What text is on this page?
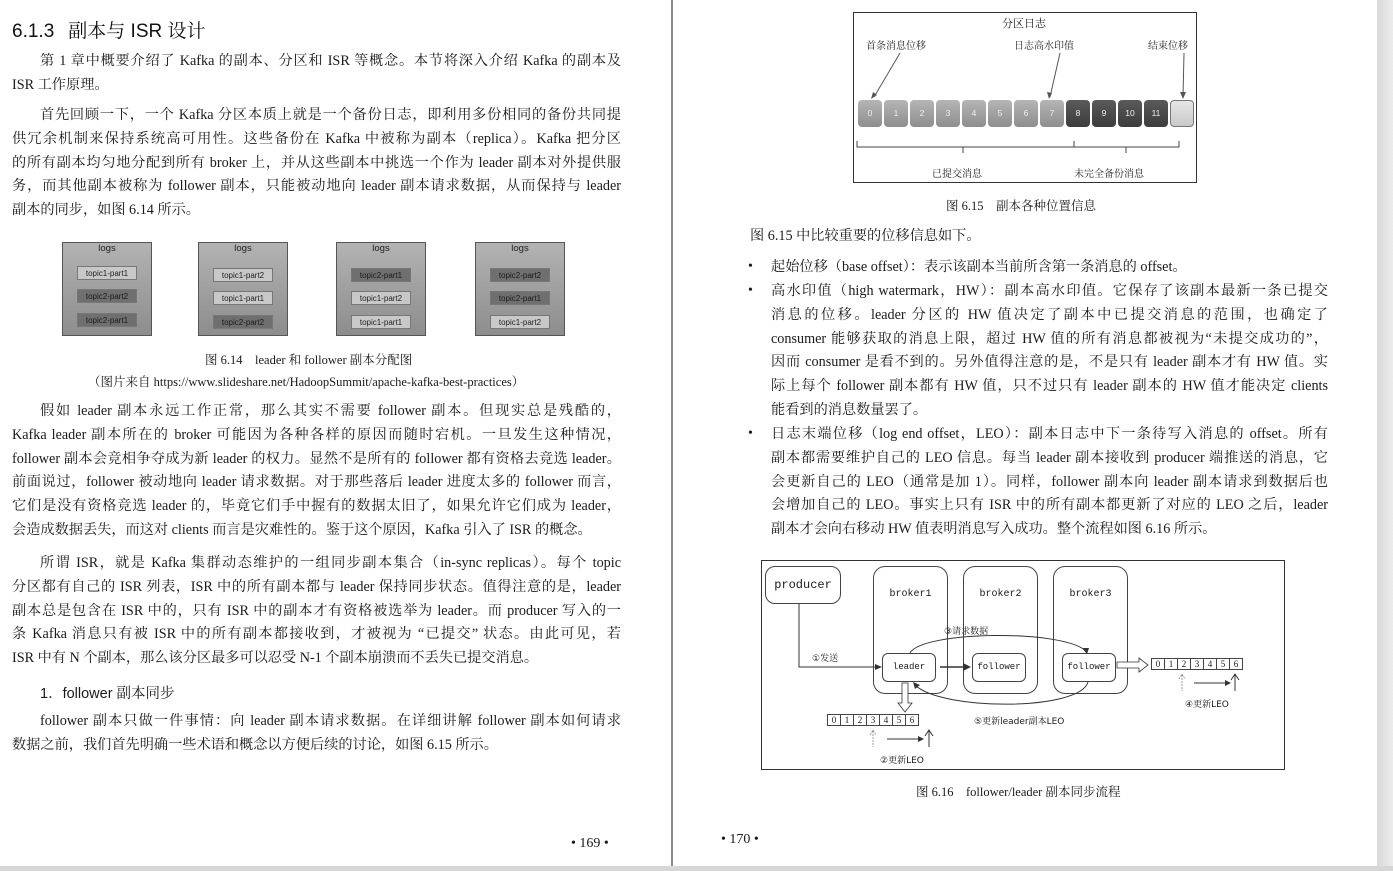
6.1.3 副本与 ISR 设计
第 1 章中概要介绍了 Kafka 的副本、分区和 ISR 等概念。本节将深入介绍 Kafka 的副本及
ISR 工作原理。
首先回顾一下，一个 Kafka 分区本质上就是一个备份日志，即利用多份相同的备份共同提
供冗余机制来保持系统高可用性。这些备份在 Kafka 中被称为副本（replica）。Kafka 把分区
的所有副本均匀地分配到所有 broker 上，并从这些副本中挑选一个作为 leader 副本对外提供服
务，而其他副本被称为 follower 副本，只能被动地向 leader 副本请求数据，从而保持与 leader
副本的同步，如图 6.14 所示。
logs
topic1-part1
topic2-part2
topic2-part1
logs
topic1-part2
topic1-part1
topic2-part2
logs
topic2-part1
topic1-part2
topic1-part1
logs
topic2-part2
topic2-part1
topic1-part2
图 6.14　leader 和 follower 副本分配图
（图片来自 https://www.slideshare.net/HadoopSummit/apache-kafka-best-practices）
假如 leader 副本永远工作正常，那么其实不需要 follower 副本。但现实总是残酷的，
Kafka leader 副本所在的 broker 可能因为各种各样的原因而随时宕机。一旦发生这种情况，
follower 副本会竞相争夺成为新 leader 的权力。显然不是所有的 follower 都有资格去竞选 leader。
前面说过，follower 被动地向 leader 请求数据。对于那些落后 leader 进度太多的 follower 而言，
它们是没有资格竞选 leader 的，毕竟它们手中握有的数据太旧了，如果允许它们成为 leader，
会造成数据丢失，而这对 clients 而言是灾难性的。鉴于这个原因，Kafka 引入了 ISR 的概念。
所谓 ISR，就是 Kafka 集群动态维护的一组同步副本集合（in-sync replicas）。每个 topic
分区都有自己的 ISR 列表，ISR 中的所有副本都与 leader 保持同步状态。值得注意的是，leader
副本总是包含在 ISR 中的，只有 ISR 中的副本才有资格被选举为 leader。而 producer 写入的一
条 Kafka 消息只有被 ISR 中的所有副本都接收到，才被视为 “已提交” 状态。由此可见，若
ISR 中有 N 个副本，那么该分区最多可以忍受 N-1 个副本崩溃而不丢失已提交消息。
1．follower 副本同步
follower 副本只做一件事情：向 leader 副本请求数据。在详细讲解 follower 副本如何请求
数据之前，我们首先明确一些术语和概念以方便后续的讨论，如图 6.15 所示。
• 169 •
分区日志
首条消息位移	日志高水印值	结束位移
0	1	2	3	4	5	6	7	8	9	10	11
已提交消息	未完全备份消息
图 6.15　副本各种位置信息
图 6.15 中比较重要的位移信息如下。
• 起始位移（base offset）：表示该副本当前所含第一条消息的 offset。
• 高水印值（high watermark，HW）：副本高水印值。它保存了该副本最新一条已提交
消息的位移。leader 分区的 HW 值决定了副本中已提交消息的范围，也确定了
consumer 能够获取的消息上限，超过 HW 值的所有消息都被视为“未提交成功的”，
因而 consumer 是看不到的。另外值得注意的是，不是只有 leader 副本才有 HW 值。实
际上每个 follower 副本都有 HW 值，只不过只有 leader 副本的 HW 值才能决定 clients
能看到的消息数量罢了。
• 日志末端位移（log end offset，LEO）：副本日志中下一条待写入消息的 offset。所有
副本都需要维护自己的 LEO 信息。每当 leader 副本接收到 producer 端推送的消息，它
会更新自己的 LEO（通常是加 1）。同样，follower 副本向 leader 副本请求到数据后也
会增加自己的 LEO。事实上只有 ISR 中的所有副本都更新了对应的 LEO 之后，leader
副本才会向右移动 HW 值表明消息写入成功。整个流程如图 6.16 所示。
producer
broker1	broker2	broker3
leader	follower	follower
①发送
③请求数据
⑤更新leader副本LEO
②更新LEO
④更新LEO
0 1 2 3 4 5 6
0 1 2 3 4 5 6
图 6.16　follower/leader 副本同步流程
• 170 •
